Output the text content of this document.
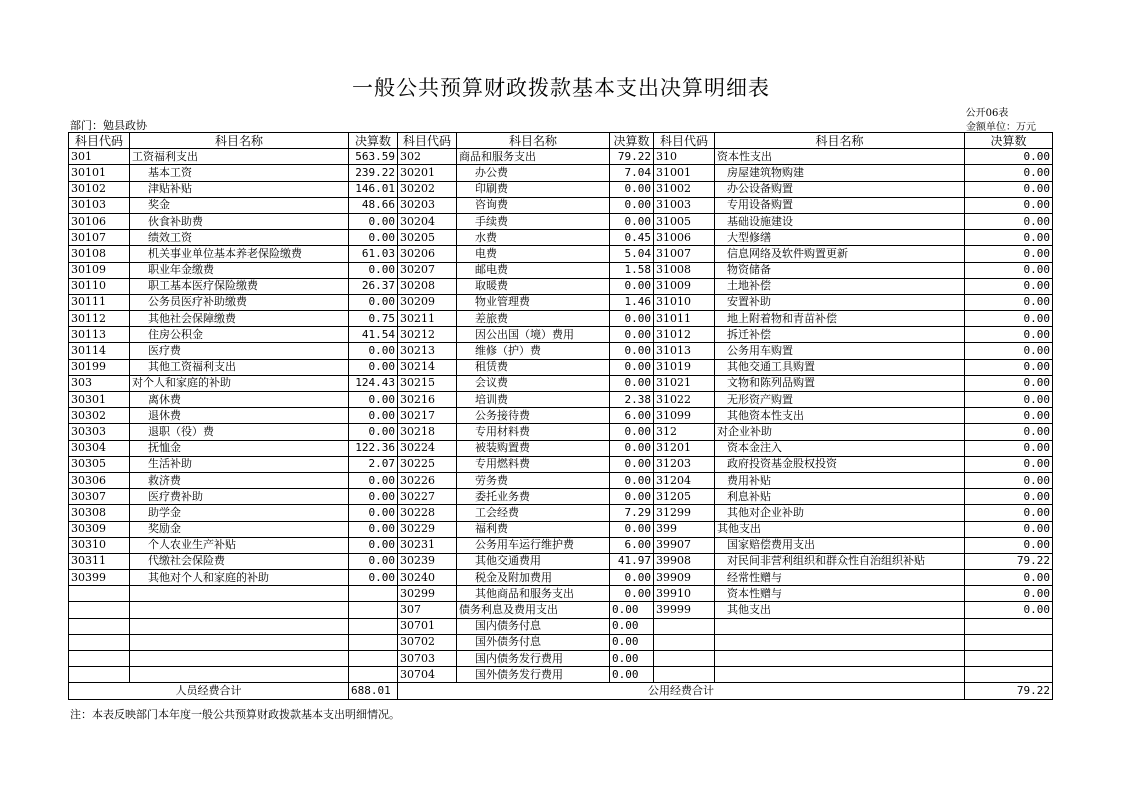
一般公共预算财政拨款基本支出决算明细表
公开06表
部门：勉县政协	金额单位：万元
科目代码	科目名称	决算数	科目代码	科目名称	决算数	科目代码	科目名称	决算数
301	工资福利支出	563.59	302	商品和服务支出	79.22	310	资本性支出	0.00
30101	基本工资	239.22	30201	办公费	7.04	31001	房屋建筑物购建	0.00
30102	津贴补贴	146.01	30202	印刷费	0.00	31002	办公设备购置	0.00
30103	奖金	48.66	30203	咨询费	0.00	31003	专用设备购置	0.00
30106	伙食补助费	0.00	30204	手续费	0.00	31005	基础设施建设	0.00
30107	绩效工资	0.00	30205	水费	0.45	31006	大型修缮	0.00
30108	机关事业单位基本养老保险缴费	61.03	30206	电费	5.04	31007	信息网络及软件购置更新	0.00
30109	职业年金缴费	0.00	30207	邮电费	1.58	31008	物资储备	0.00
30110	职工基本医疗保险缴费	26.37	30208	取暖费	0.00	31009	土地补偿	0.00
30111	公务员医疗补助缴费	0.00	30209	物业管理费	1.46	31010	安置补助	0.00
30112	其他社会保障缴费	0.75	30211	差旅费	0.00	31011	地上附着物和青苗补偿	0.00
30113	住房公积金	41.54	30212	因公出国（境）费用	0.00	31012	拆迁补偿	0.00
30114	医疗费	0.00	30213	维修（护）费	0.00	31013	公务用车购置	0.00
30199	其他工资福利支出	0.00	30214	租赁费	0.00	31019	其他交通工具购置	0.00
303	对个人和家庭的补助	124.43	30215	会议费	0.00	31021	文物和陈列品购置	0.00
30301	离休费	0.00	30216	培训费	2.38	31022	无形资产购置	0.00
30302	退休费	0.00	30217	公务接待费	6.00	31099	其他资本性支出	0.00
30303	退职（役）费	0.00	30218	专用材料费	0.00	312	对企业补助	0.00
30304	抚恤金	122.36	30224	被装购置费	0.00	31201	资本金注入	0.00
30305	生活补助	2.07	30225	专用燃料费	0.00	31203	政府投资基金股权投资	0.00
30306	救济费	0.00	30226	劳务费	0.00	31204	费用补贴	0.00
30307	医疗费补助	0.00	30227	委托业务费	0.00	31205	利息补贴	0.00
30308	助学金	0.00	30228	工会经费	7.29	31299	其他对企业补助	0.00
30309	奖励金	0.00	30229	福利费	0.00	399	其他支出	0.00
30310	个人农业生产补贴	0.00	30231	公务用车运行维护费	6.00	39907	国家赔偿费用支出	0.00
30311	代缴社会保险费	0.00	30239	其他交通费用	41.97	39908	对民间非营利组织和群众性自治组织补贴	79.22
30399	其他对个人和家庭的补助	0.00	30240	税金及附加费用	0.00	39909	经常性赠与	0.00
			30299	其他商品和服务支出	0.00	39910	资本性赠与	0.00
			307	债务利息及费用支出	0.00	39999	其他支出	0.00
			30701	国内债务付息	0.00			
			30702	国外债务付息	0.00			
			30703	国内债务发行费用	0.00			
			30704	国外债务发行费用	0.00			
人员经费合计		688.01	公用经费合计					79.22
注：本表反映部门本年度一般公共预算财政拨款基本支出明细情况。
